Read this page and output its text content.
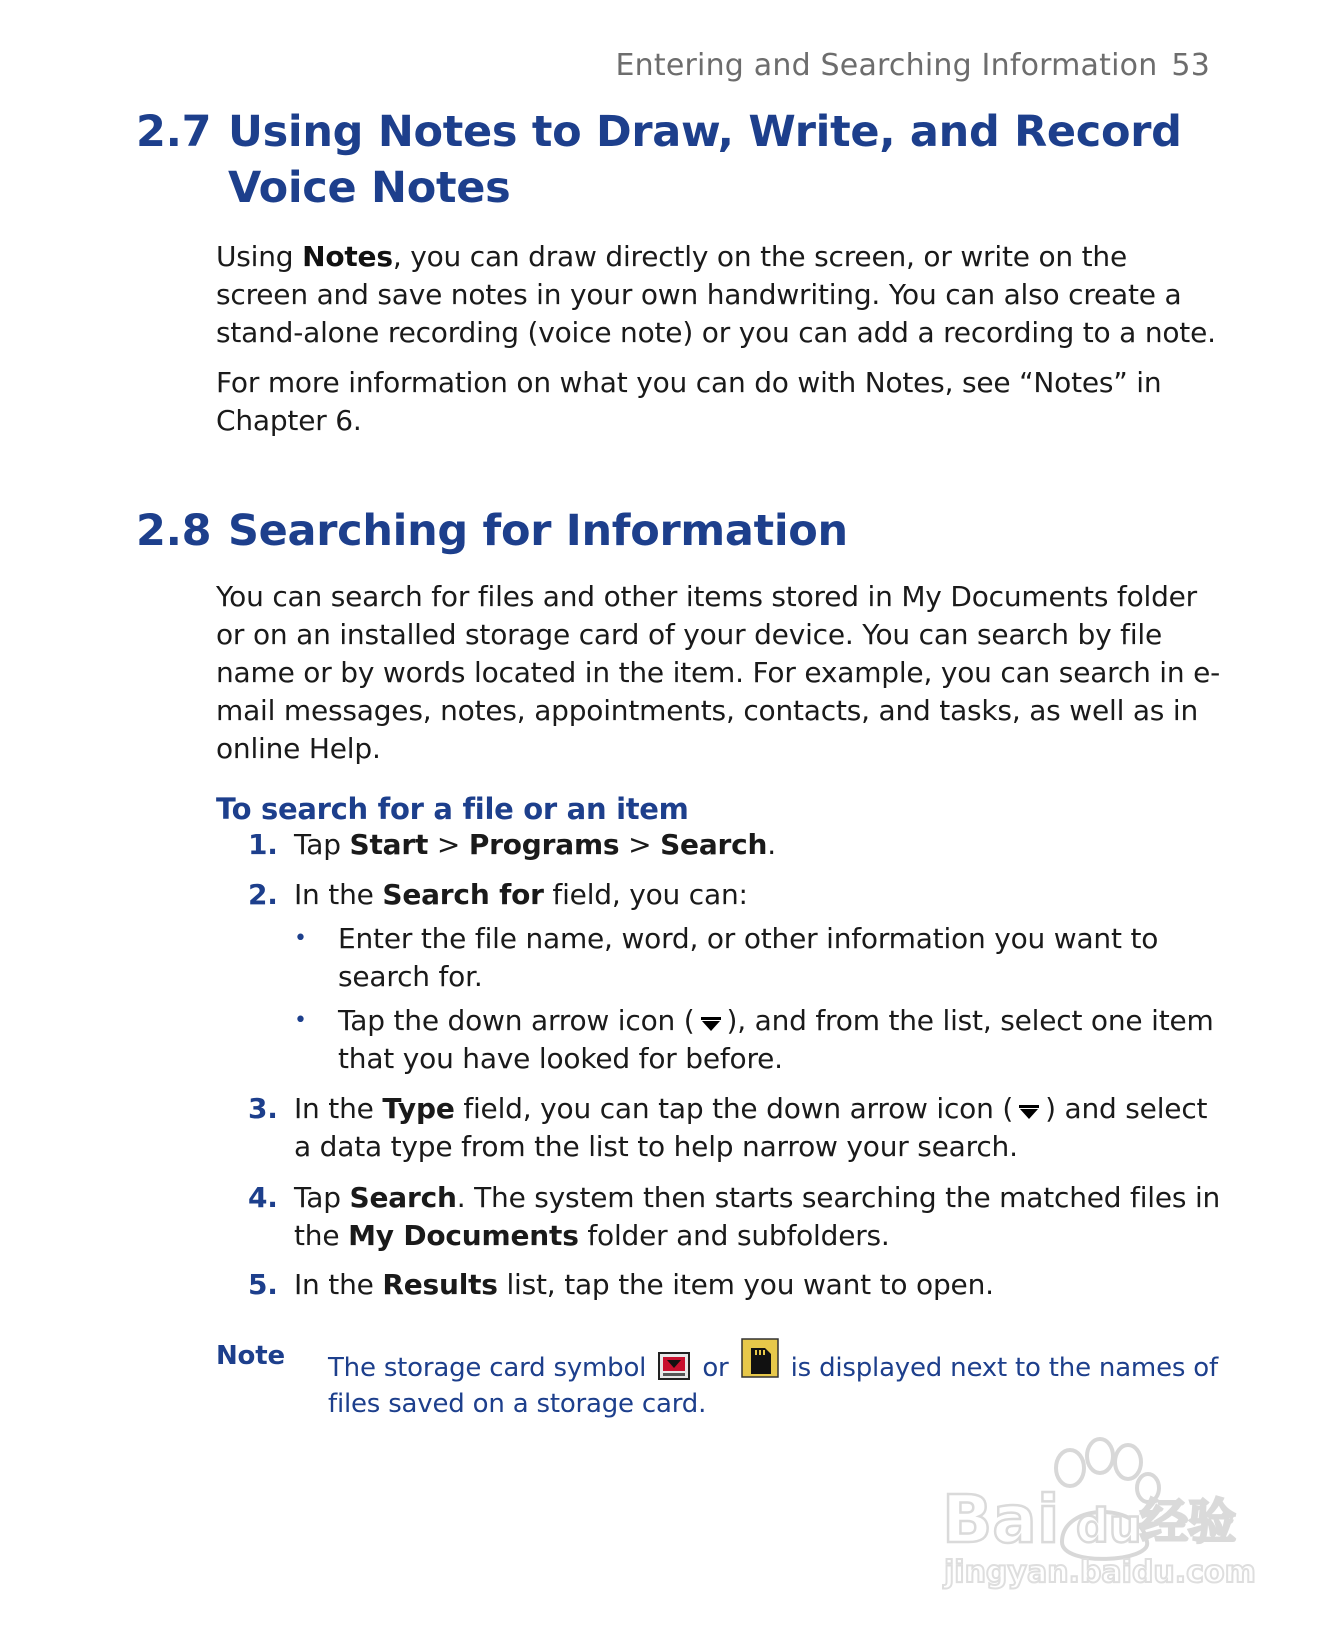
Entering and Searching Information 53
2.7 Using Notes to Draw, Write, and Record Voice Notes

Using Notes, you can draw directly on the screen, or write on the screen and save notes in your own handwriting. You can also create a stand-alone recording (voice note) or you can add a recording to a note.

For more information on what you can do with Notes, see “Notes” in Chapter 6.

2.8 Searching for Information

You can search for files and other items stored in My Documents folder or on an installed storage card of your device. You can search by file name or by words located in the item. For example, you can search in e-mail messages, notes, appointments, contacts, and tasks, as well as in online Help.

To search for a file or an item

1. Tap Start > Programs > Search.
2. In the Search for field, you can:
•	Enter the file name, word, or other information you want to search for.
•	Tap the down arrow icon ( ), and from the list, select one item that you have looked for before.
3. In the Type field, you can tap the down arrow icon ( ) and select a data type from the list to help narrow your search.
4. Tap Search. The system then starts searching the matched files in the My Documents folder and subfolders.
5. In the Results list, tap the item you want to open.
Note	The storage card symbol  or  is displayed next to the names of files saved on a storage card.
Bai du
经验
jingyan.baidu.com
